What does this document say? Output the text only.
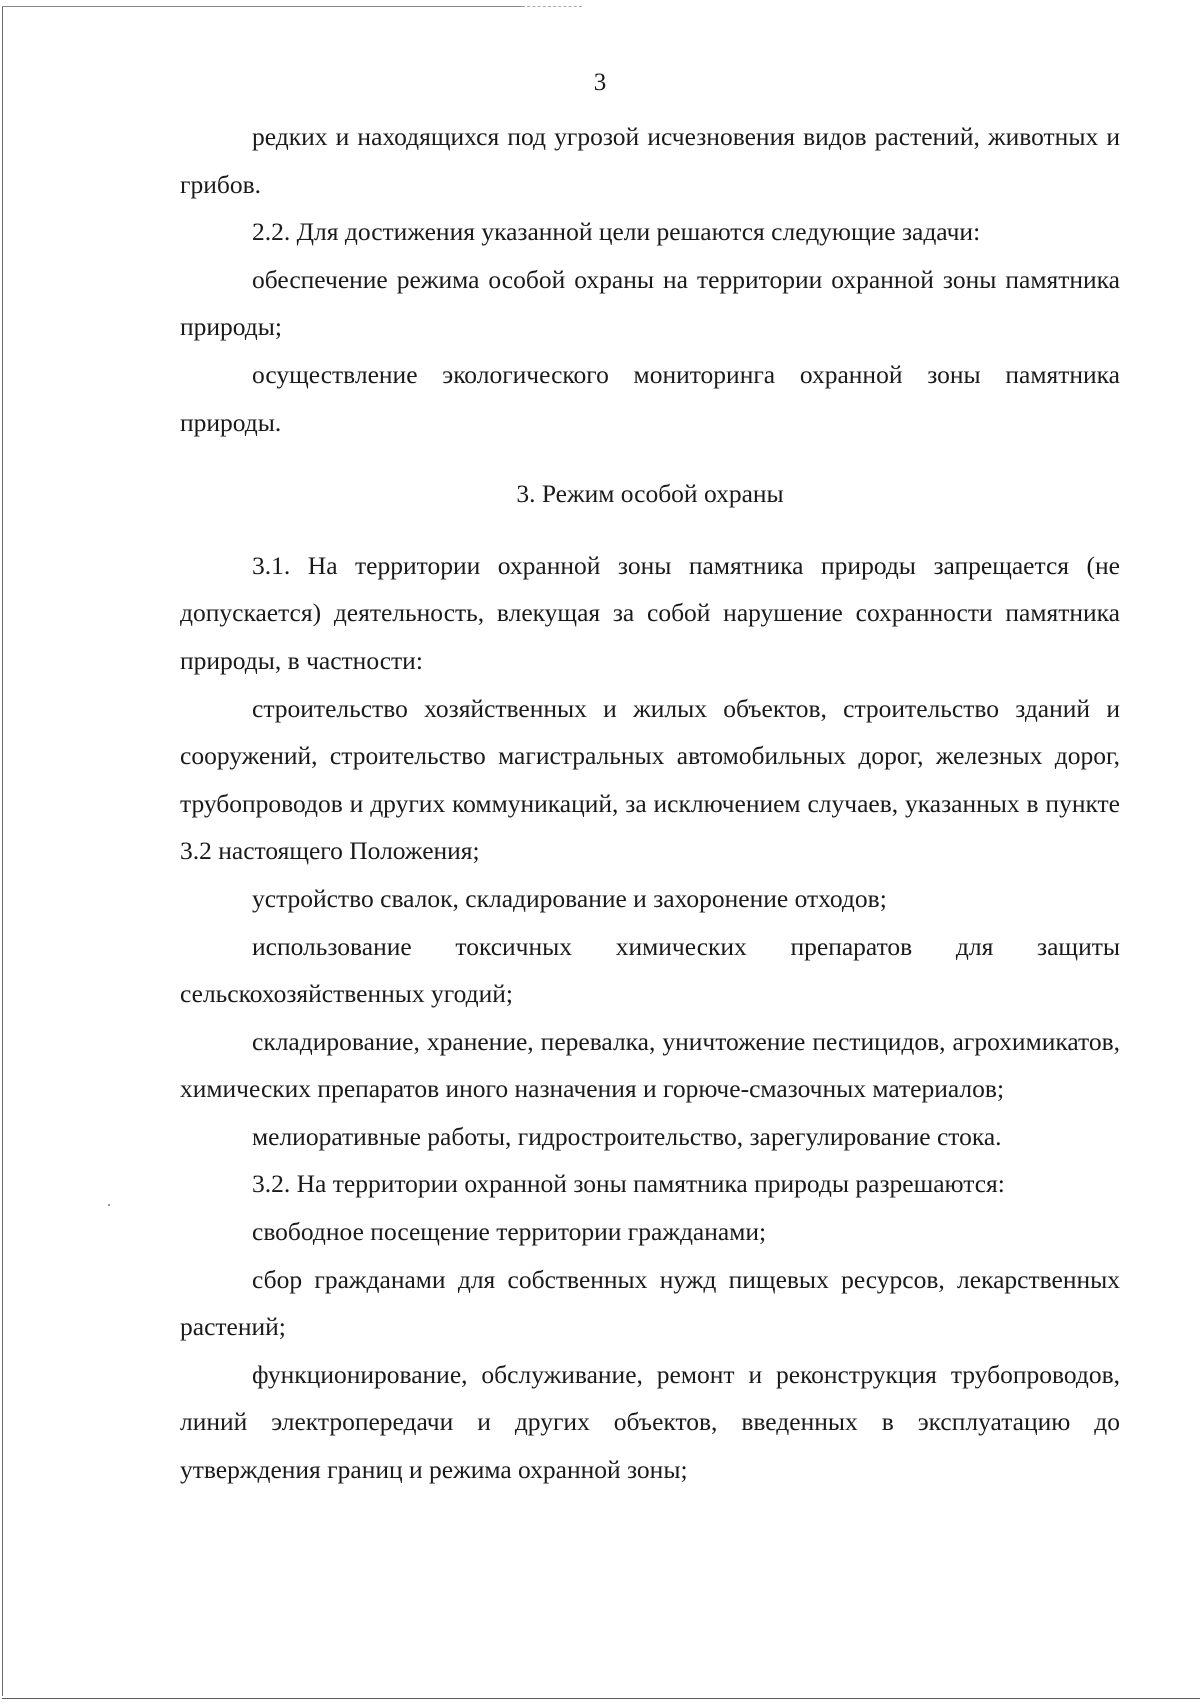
3

редких и находящихся под угрозой исчезновения видов растений, животных и грибов.

2.2. Для достижения указанной цели решаются следующие задачи:

обеспечение режима особой охраны на территории охранной зоны памятника природы;

осуществление экологического мониторинга охранной зоны памятника природы.

3. Режим особой охраны

3.1. На территории охранной зоны памятника природы запрещается (не допускается) деятельность, влекущая за собой нарушение сохранности памятника природы, в частности:

строительство хозяйственных и жилых объектов, строительство зданий и сооружений, строительство магистральных автомобильных дорог, железных дорог, трубопроводов и других коммуникаций, за исключением случаев, указанных в пункте 3.2 настоящего Положения;

устройство свалок, складирование и захоронение отходов;

использование токсичных химических препаратов для защиты сельскохозяйственных угодий;

складирование, хранение, перевалка, уничтожение пестицидов, агрохимикатов, химических препаратов иного назначения и горюче-смазочных материалов;

мелиоративные работы, гидростроительство, зарегулирование стока.

3.2. На территории охранной зоны памятника природы разрешаются:

свободное посещение территории гражданами;

сбор гражданами для собственных нужд пищевых ресурсов, лекарственных растений;

функционирование, обслуживание, ремонт и реконструкция трубопроводов, линий электропередачи и других объектов, введенных в эксплуатацию до утверждения границ и режима охранной зоны;
